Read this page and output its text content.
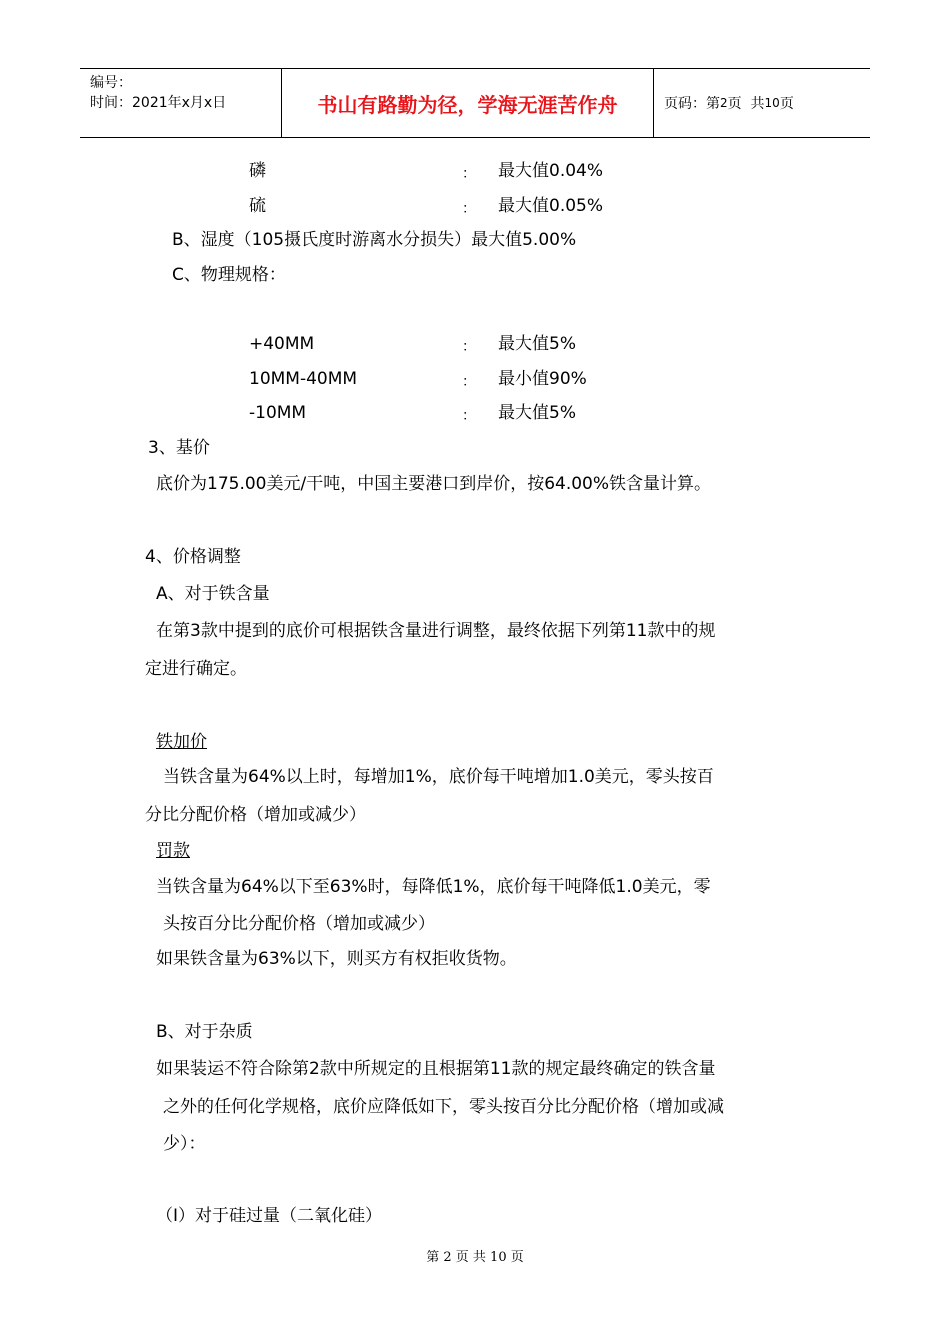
编号：
时间：2021年x月x日	书山有路勤为径，学海无涯苦作舟	页码：第 2 页  共 10 页
磷	： 最大值0.04%
硫	： 最大值0.05%
B、湿度（105摄氏度时游离水分损失）最大值5.00%
C、物理规格：
+40MM	： 最大值5%
10MM-40MM	： 最小值90%
-10MM	： 最大值5%
3、基价
底价为175.00美元/干吨，中国主要港口到岸价，按64.00%铁含量计算。
4、价格调整
A、对于铁含量
在第3款中提到的底价可根据铁含量进行调整，最终依据下列第11款中的规
定进行确定。
铁加价
当铁含量为64%以上时，每增加1%，底价每干吨增加1.0美元，零头按百
分比分配价格（增加或减少）
罚款
当铁含量为64%以下至63%时，每降低1%，底价每干吨降低1.0美元，零
头按百分比分配价格（增加或减少）
如果铁含量为63%以下，则买方有权拒收货物。
B、对于杂质
如果装运不符合除第2款中所规定的且根据第11款的规定最终确定的铁含量
之外的任何化学规格，底价应降低如下，零头按百分比分配价格（增加或减
少）：
（I）对于硅过量（二氧化硅）
第 2 页 共 10 页
